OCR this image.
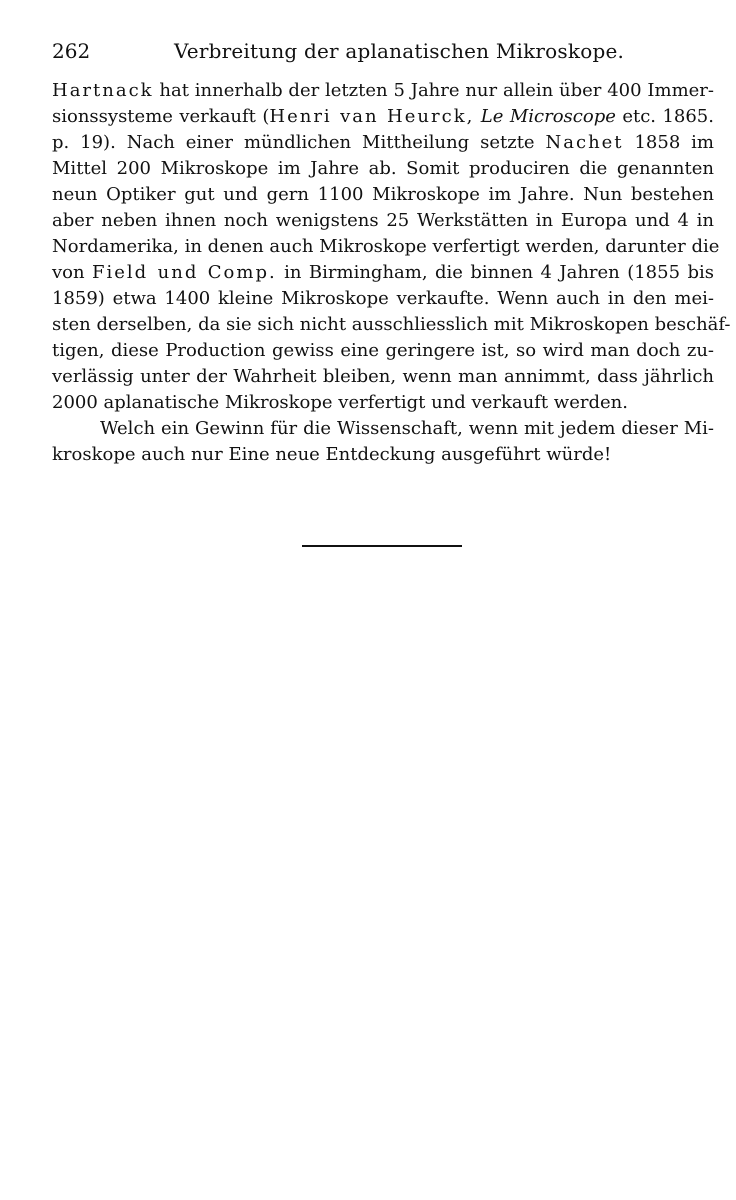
262	Verbreitung der aplanatischen Mikroskope.
Hartnack hat innerhalb der letzten 5 Jahre nur allein über 400 Immer-
sionssysteme verkauft (Henri van Heurck, Le Microscope etc. 1865.
p. 19). Nach einer mündlichen Mittheilung setzte Nachet 1858 im
Mittel 200 Mikroskope im Jahre ab. Somit produciren die genannten
neun Optiker gut und gern 1100 Mikroskope im Jahre. Nun bestehen
aber neben ihnen noch wenigstens 25 Werkstätten in Europa und 4 in
Nordamerika, in denen auch Mikroskope verfertigt werden, darunter die
von Field und Comp. in Birmingham, die binnen 4 Jahren (1855 bis
1859) etwa 1400 kleine Mikroskope verkaufte. Wenn auch in den mei-
sten derselben, da sie sich nicht ausschliesslich mit Mikroskopen beschäf-
tigen, diese Production gewiss eine geringere ist, so wird man doch zu-
verlässig unter der Wahrheit bleiben, wenn man annimmt, dass jährlich
2000 aplanatische Mikroskope verfertigt und verkauft werden.
Welch ein Gewinn für die Wissenschaft, wenn mit jedem dieser Mi-
kroskope auch nur Eine neue Entdeckung ausgeführt würde!
